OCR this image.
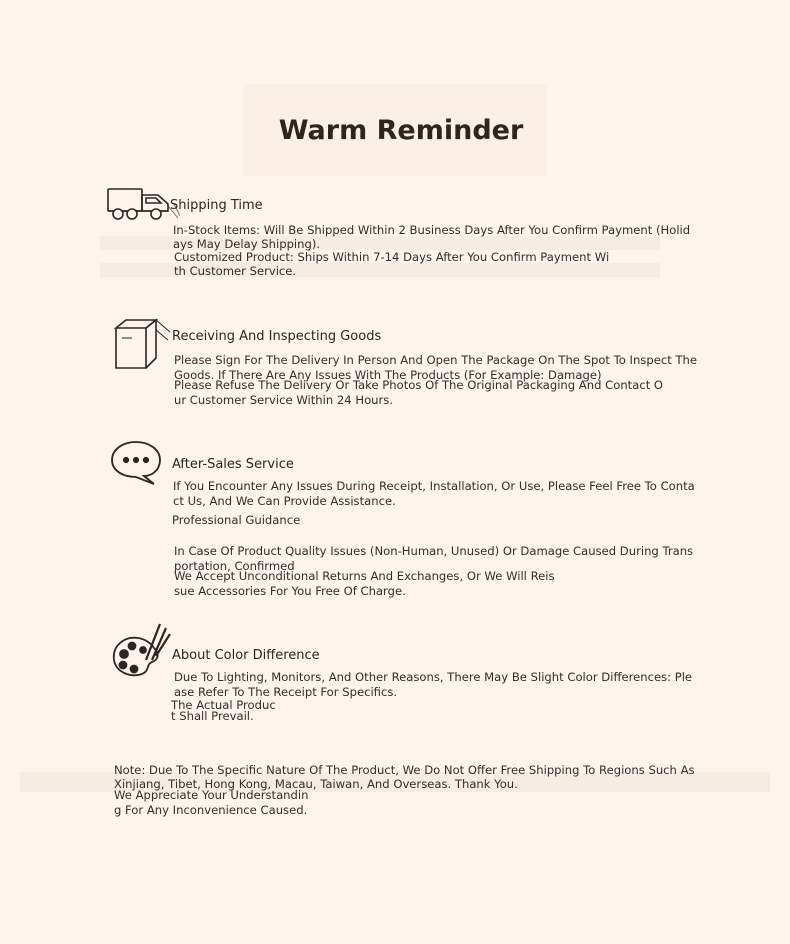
Warm Reminder
Shipping Time
In-Stock Items: Will Be Shipped Within 2 Business Days After You Confirm Payment (Holid
ays May Delay Shipping).
Customized Product: Ships Within 7-14 Days After You Confirm Payment Wi
th Customer Service.
Receiving And Inspecting Goods
Please Sign For The Delivery In Person And Open The Package On The Spot To Inspect The
Goods. If There Are Any Issues With The Products (For Example: Damage)
Please Refuse The Delivery Or Take Photos Of The Original Packaging And Contact O
ur Customer Service Within 24 Hours.
After-Sales Service
If You Encounter Any Issues During Receipt, Installation, Or Use, Please Feel Free To Conta
ct Us, And We Can Provide Assistance.
Professional Guidance
In Case Of Product Quality Issues (Non-Human, Unused) Or Damage Caused During Trans
portation, Confirmed
We Accept Unconditional Returns And Exchanges, Or We Will Reis
sue Accessories For You Free Of Charge.
About Color Difference
Due To Lighting, Monitors, And Other Reasons, There May Be Slight Color Differences: Ple
ase Refer To The Receipt For Specifics.
The Actual Produc
t Shall Prevail.
Note: Due To The Specific Nature Of The Product, We Do Not Offer Free Shipping To Regions Such As
Xinjiang, Tibet, Hong Kong, Macau, Taiwan, And Overseas. Thank You.
We Appreciate Your Understandin
g For Any Inconvenience Caused.
